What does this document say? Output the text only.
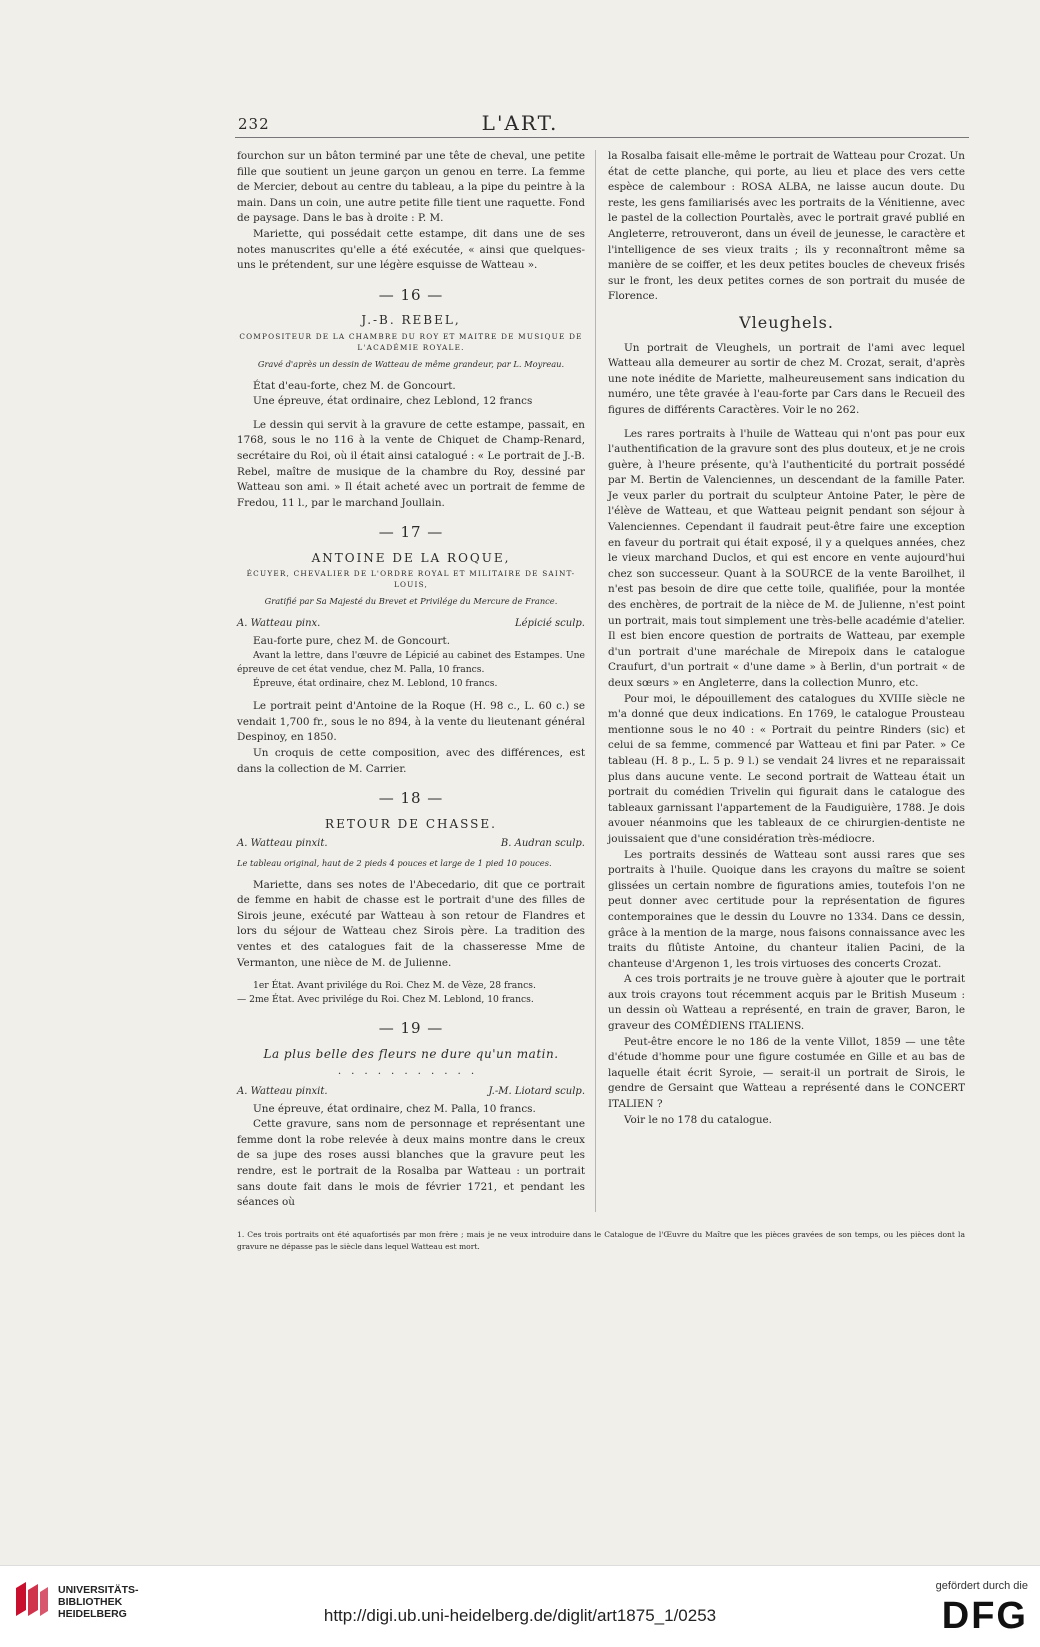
232	L'ART.

fourchon sur un bâton terminé par une tête de cheval, une petite fille que soutient un jeune garçon un genou en terre. La femme de Mercier, debout au centre du tableau, a la pipe du peintre à la main. Dans un coin, une autre petite fille tient une raquette. Fond de paysage. Dans le bas à droite : P. M.

Mariette, qui possédait cette estampe, dit dans une de ses notes manuscrites qu'elle a été exécutée, « ainsi que quelques-uns le prétendent, sur une légère esquisse de Watteau ».

— 16 —
J.-B. REBEL,
COMPOSITEUR DE LA CHAMBRE DU ROY ET MAITRE DE MUSIQUE DE L'ACADÉMIE ROYALE.
Gravé d'après un dessin de Watteau de même grandeur, par L. Moyreau.

État d'eau-forte, chez M. de Goncourt.

Une épreuve, état ordinaire, chez Leblond, 12 francs

Le dessin qui servit à la gravure de cette estampe, passait, en 1768, sous le no 116 à la vente de Chiquet de Champ-Renard, secrétaire du Roi, où il était ainsi catalogué : « Le portrait de J.-B. Rebel, maître de musique de la chambre du Roy, dessiné par Watteau son ami. » Il était acheté avec un portrait de femme de Fredou, 11 l., par le marchand Joullain.

— 17 —
ANTOINE DE LA ROQUE,
ÉCUYER, CHEVALIER DE L'ORDRE ROYAL ET MILITAIRE DE SAINT-LOUIS,
Gratifié par Sa Majesté du Brevet et Privilége du Mercure de France.
A. Watteau pinx.	Lépicié sculp.

Eau-forte pure, chez M. de Goncourt.

Avant la lettre, dans l'œuvre de Lépicié au cabinet des Estampes. Une épreuve de cet état vendue, chez M. Palla, 10 francs.

Épreuve, état ordinaire, chez M. Leblond, 10 francs.

Le portrait peint d'Antoine de la Roque (H. 98 c., L. 60 c.) se vendait 1,700 fr., sous le no 894, à la vente du lieutenant général Despinoy, en 1850.

Un croquis de cette composition, avec des différences, est dans la collection de M. Carrier.

— 18 —
RETOUR DE CHASSE.
A. Watteau pinxit.	B. Audran sculp.
Le tableau original, haut de 2 pieds 4 pouces et large de 1 pied 10 pouces.

Mariette, dans ses notes de l'Abecedario, dit que ce portrait de femme en habit de chasse est le portrait d'une des filles de Sirois jeune, exécuté par Watteau à son retour de Flandres et lors du séjour de Watteau chez Sirois père. La tradition des ventes et des catalogues fait de la chasseresse Mme de Vermanton, une nièce de M. de Julienne.

1er État. Avant privilége du Roi. Chez M. de Vèze, 28 francs.

— 2me État. Avec privilége du Roi. Chez M. Leblond, 10 francs.

— 19 —
La plus belle des fleurs ne dure qu'un matin.
...........
A. Watteau pinxit.	J.-M. Liotard sculp.

Une épreuve, état ordinaire, chez M. Palla, 10 francs.

Cette gravure, sans nom de personnage et représentant une femme dont la robe relevée à deux mains montre dans le creux de sa jupe des roses aussi blanches que la gravure peut les rendre, est le portrait de la Rosalba par Watteau : un portrait sans doute fait dans le mois de février 1721, et pendant les séances où

la Rosalba faisait elle-même le portrait de Watteau pour Crozat. Un état de cette planche, qui porte, au lieu et place des vers cette espèce de calembour : ROSA ALBA, ne laisse aucun doute. Du reste, les gens familiarisés avec les portraits de la Vénitienne, avec le pastel de la collection Pourtalès, avec le portrait gravé publié en Angleterre, retrouveront, dans un éveil de jeunesse, le caractère et l'intelligence de ses vieux traits ; ils y reconnaîtront même sa manière de se coiffer, et les deux petites boucles de cheveux frisés sur le front, les deux petites cornes de son portrait du musée de Florence.

Vleughels.

Un portrait de Vleughels, un portrait de l'ami avec lequel Watteau alla demeurer au sortir de chez M. Crozat, serait, d'après une note inédite de Mariette, malheureusement sans indication du numéro, une tête gravée à l'eau-forte par Cars dans le Recueil des figures de différents Caractères. Voir le no 262.

Les rares portraits à l'huile de Watteau qui n'ont pas pour eux l'authentification de la gravure sont des plus douteux, et je ne crois guère, à l'heure présente, qu'à l'authenticité du portrait possédé par M. Bertin de Valenciennes, un descendant de la famille Pater. Je veux parler du portrait du sculpteur Antoine Pater, le père de l'élève de Watteau, et que Watteau peignit pendant son séjour à Valenciennes. Cependant il faudrait peut-être faire une exception en faveur du portrait qui était exposé, il y a quelques années, chez le vieux marchand Duclos, et qui est encore en vente aujourd'hui chez son successeur. Quant à la SOURCE de la vente Baroilhet, il n'est pas besoin de dire que cette toile, qualifiée, pour la montée des enchères, de portrait de la nièce de M. de Julienne, n'est point un portrait, mais tout simplement une très-belle académie d'atelier. Il est bien encore question de portraits de Watteau, par exemple d'un portrait d'une maréchale de Mirepoix dans le catalogue Craufurt, d'un portrait « d'une dame » à Berlin, d'un portrait « de deux sœurs » en Angleterre, dans la collection Munro, etc.

Pour moi, le dépouillement des catalogues du XVIIIe siècle ne m'a donné que deux indications. En 1769, le catalogue Prousteau mentionne sous le no 40 : « Portrait du peintre Rinders (sic) et celui de sa femme, commencé par Watteau et fini par Pater. » Ce tableau (H. 8 p., L. 5 p. 9 l.) se vendait 24 livres et ne reparaissait plus dans aucune vente. Le second portrait de Watteau était un portrait du comédien Trivelin qui figurait dans le catalogue des tableaux garnissant l'appartement de la Faudiguière, 1788. Je dois avouer néanmoins que les tableaux de ce chirurgien-dentiste ne jouissaient que d'une considération très-médiocre.

Les portraits dessinés de Watteau sont aussi rares que ses portraits à l'huile. Quoique dans les crayons du maître se soient glissées un certain nombre de figurations amies, toutefois l'on ne peut donner avec certitude pour la représentation de figures contemporaines que le dessin du Louvre no 1334. Dans ce dessin, grâce à la mention de la marge, nous faisons connaissance avec les traits du flûtiste Antoine, du chanteur italien Pacini, de la chanteuse d'Argenon 1, les trois virtuoses des concerts Crozat.

A ces trois portraits je ne trouve guère à ajouter que le portrait aux trois crayons tout récemment acquis par le British Museum : un dessin où Watteau a représenté, en train de graver, Baron, le graveur des COMÉDIENS ITALIENS.

Peut-être encore le no 186 de la vente Villot, 1859 — une tête d'étude d'homme pour une figure costumée en Gille et au bas de laquelle était écrit Syroie, — serait-il un portrait de Sirois, le gendre de Gersaint que Watteau a représenté dans le CONCERT ITALIEN ?

Voir le no 178 du catalogue.

1. Ces trois portraits ont été aquafortisés par mon frère ; mais je ne veux introduire dans le Catalogue de l'Œuvre du Maître que les pièces gravées de son temps, ou les pièces dont la gravure ne dépasse pas le siècle dans lequel Watteau est mort.
UNIVERSITÄTS-
BIBLIOTHEK
HEIDELBERG	http://digi.ub.uni-heidelberg.de/diglit/art1875_1/0253
gefördert durch die
DFG
